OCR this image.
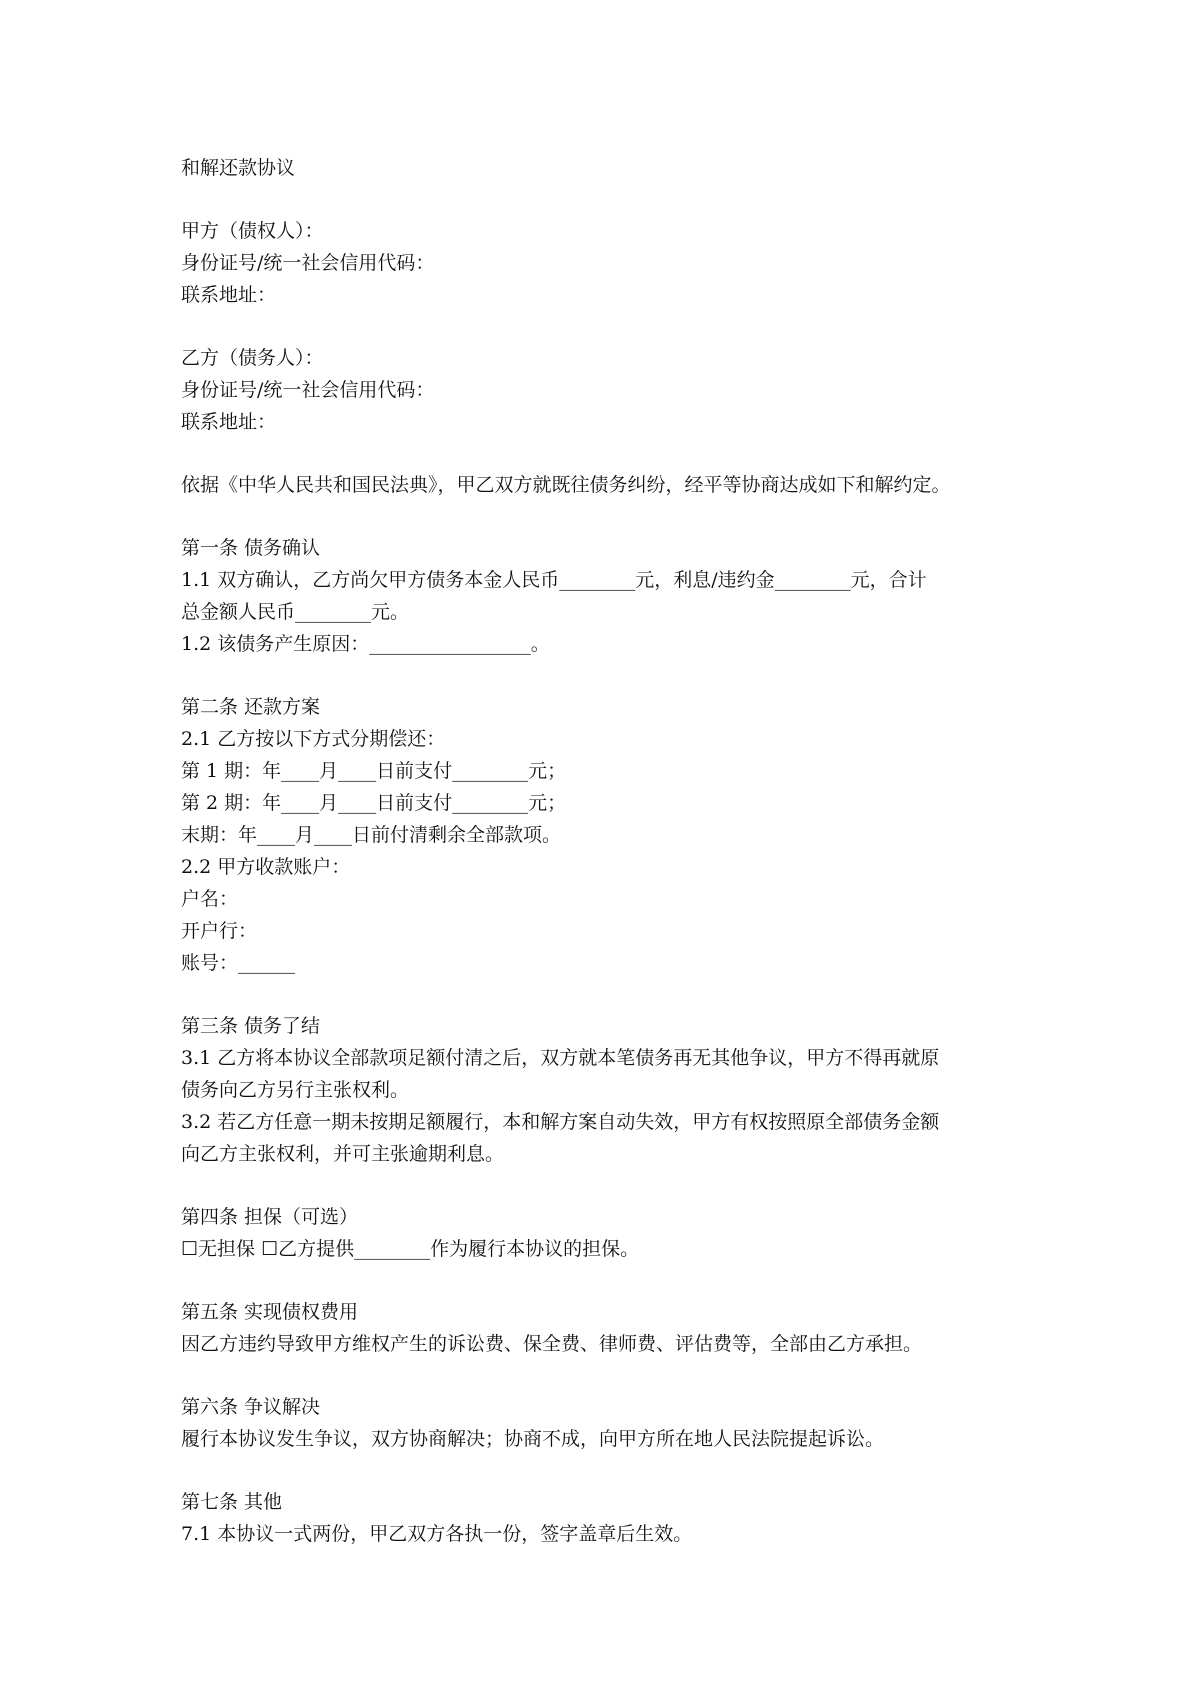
和解还款协议
甲方（债权人）：
身份证号/统一社会信用代码：
联系地址：
乙方（债务人）：
身份证号/统一社会信用代码：
联系地址：
依据《中华人民共和国民法典》，甲乙双方就既往债务纠纷，经平等协商达成如下和解约定。
第一条 债务确认
1.1 双方确认，乙方尚欠甲方债务本金人民币________元，利息/违约金________元，合计
总金额人民币________元。
1.2 该债务产生原因：_________________。
第二条 还款方案
2.1 乙方按以下方式分期偿还：
第 1 期：年____月____日前支付________元；
第 2 期：年____月____日前支付________元；
末期：年____月____日前付清剩余全部款项。
2.2 甲方收款账户：
户名：
开户行：
账号：______
第三条 债务了结
3.1 乙方将本协议全部款项足额付清之后，双方就本笔债务再无其他争议，甲方不得再就原
债务向乙方另行主张权利。
3.2 若乙方任意一期未按期足额履行，本和解方案自动失效，甲方有权按照原全部债务金额
向乙方主张权利，并可主张逾期利息。
第四条 担保（可选）
☐无担保 ☐乙方提供________作为履行本协议的担保。
第五条 实现债权费用
因乙方违约导致甲方维权产生的诉讼费、保全费、律师费、评估费等，全部由乙方承担。
第六条 争议解决
履行本协议发生争议，双方协商解决；协商不成，向甲方所在地人民法院提起诉讼。
第七条 其他
7.1 本协议一式两份，甲乙双方各执一份，签字盖章后生效。
